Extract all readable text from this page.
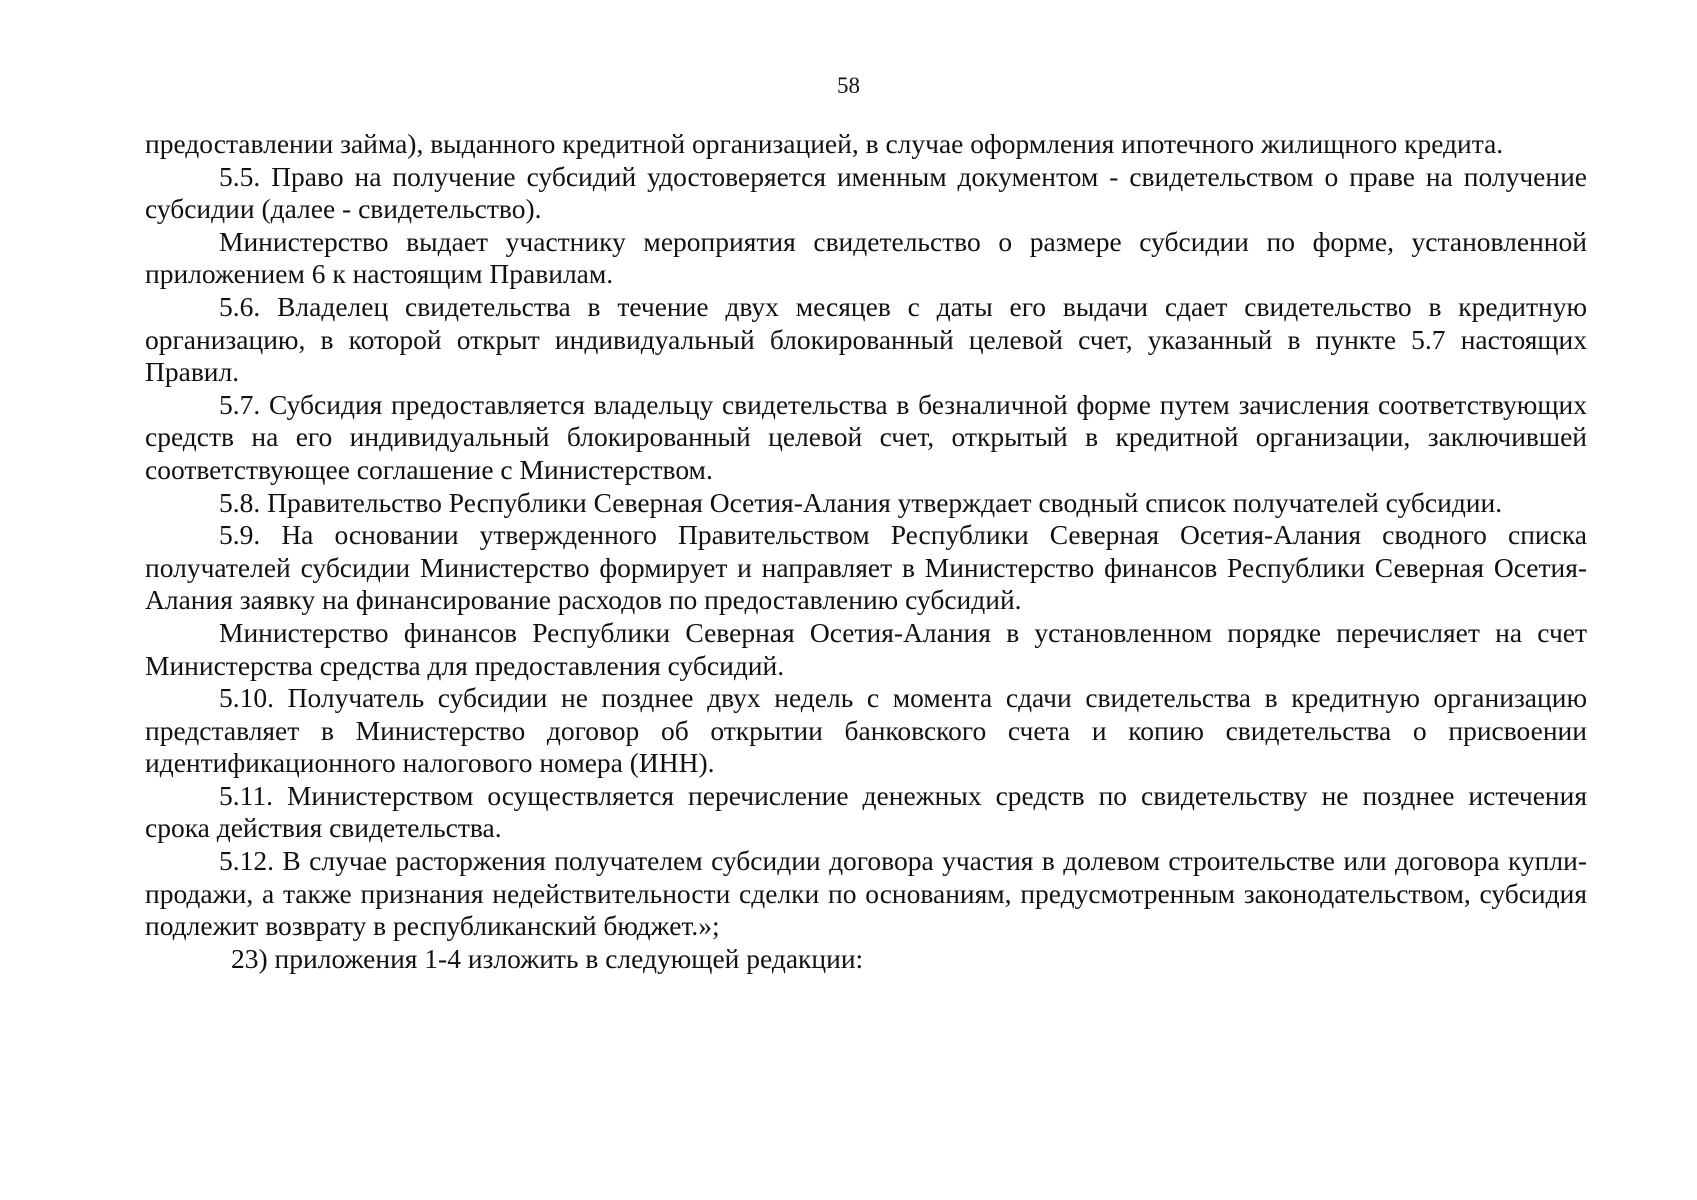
58

предоставлении займа), выданного кредитной организацией, в случае оформления ипотечного жилищного кредита.

5.5. Право на получение субсидий удостоверяется именным документом - свидетельством о праве на получение субсидии (далее - свидетельство).

Министерство выдает участнику мероприятия свидетельство о размере субсидии по форме, установленной приложением 6 к настоящим Правилам.

5.6. Владелец свидетельства в течение двух месяцев с даты его выдачи сдает свидетельство в кредитную организацию, в которой открыт индивидуальный блокированный целевой счет, указанный в пункте 5.7 настоящих Правил.

5.7. Субсидия предоставляется владельцу свидетельства в безналичной форме путем зачисления соответствующих средств на его индивидуальный блокированный целевой счет, открытый в кредитной организации, заключившей соответствующее соглашение с Министерством.

5.8. Правительство Республики Северная Осетия-Алания утверждает сводный список получателей субсидии.

5.9. На основании утвержденного Правительством Республики Северная Осетия-Алания сводного списка получателей субсидии Министерство формирует и направляет в Министерство финансов Республики Северная Осетия-Алания заявку на финансирование расходов по предоставлению субсидий.

Министерство финансов Республики Северная Осетия-Алания в установленном порядке перечисляет на счет Министерства средства для предоставления субсидий.

5.10. Получатель субсидии не позднее двух недель с момента сдачи свидетельства в кредитную организацию представляет в Министерство договор об открытии банковского счета и копию свидетельства о присвоении идентификационного налогового номера (ИНН).

5.11. Министерством осуществляется перечисление денежных средств по свидетельству не позднее истечения срока действия свидетельства.

5.12. В случае расторжения получателем субсидии договора участия в долевом строительстве или договора купли-продажи, а также признания недействительности сделки по основаниям, предусмотренным законодательством, субсидия подлежит возврату в республиканский бюджет.»;

23) приложения 1-4 изложить в следующей редакции:
